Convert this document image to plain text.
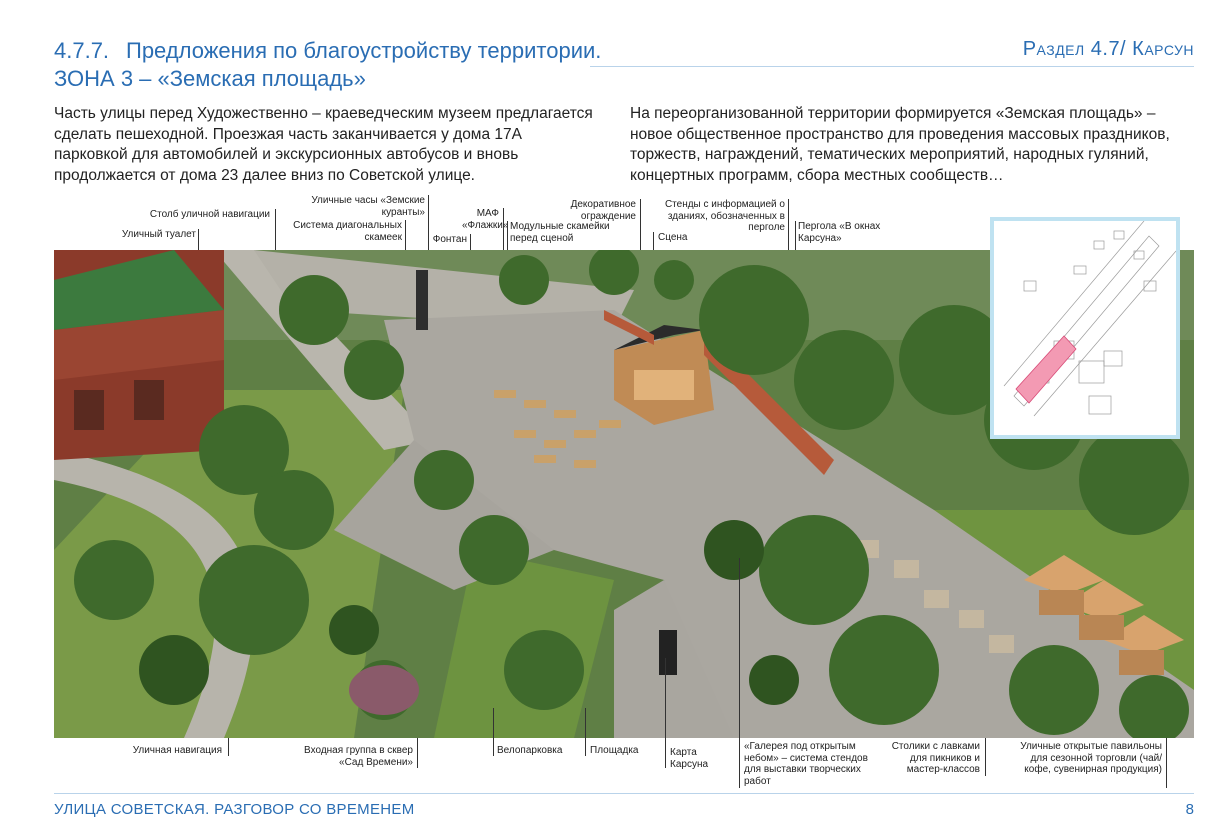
4.7.7. Предложения по благоустройству территории.
ЗОНА 3 – «Земская площадь»
Раздел 4.7/ Карсун
Часть улицы перед Художественно – краеведческим музеем предлагается сделать пешеходной. Проезжая часть заканчивается у дома 17А парковкой для автомобилей и экскурсионных автобусов и вновь продолжается от дома 23 далее вниз по Советской улице.
На переорганизованной территории формируется «Земская площадь» – новое общественное пространство для проведения массовых праздников, торжеств, награждений, тематических мероприятий, народных гуляний, концертных программ, сбора местных сообществ…
Уличный туалет
Столб уличной навигации
Уличные часы «Земские куранты»
Система диагональных скамеек	Фонтан
МАФ «Флажки» Модульные скамейки перед сценой
Декоративное ограждение
Сцена
Стенды с информацией о зданиях, обозначенных в перголе Пергола «В окнах Карсуна»
Уличная навигация	Входная группа в сквер «Сад Времени»
Велопарковка	Площадка	Карта Карсуна
«Галерея под открытым небом» – система стендов для выставки творческих работ
Столики с лавками для пикников и мастер-классов
Уличные открытые павильоны для сезонной торговли (чай/кофе, сувенирная продукция)
УЛИЦА СОВЕТСКАЯ. РАЗГОВОР СО ВРЕМЕНЕМ	8
